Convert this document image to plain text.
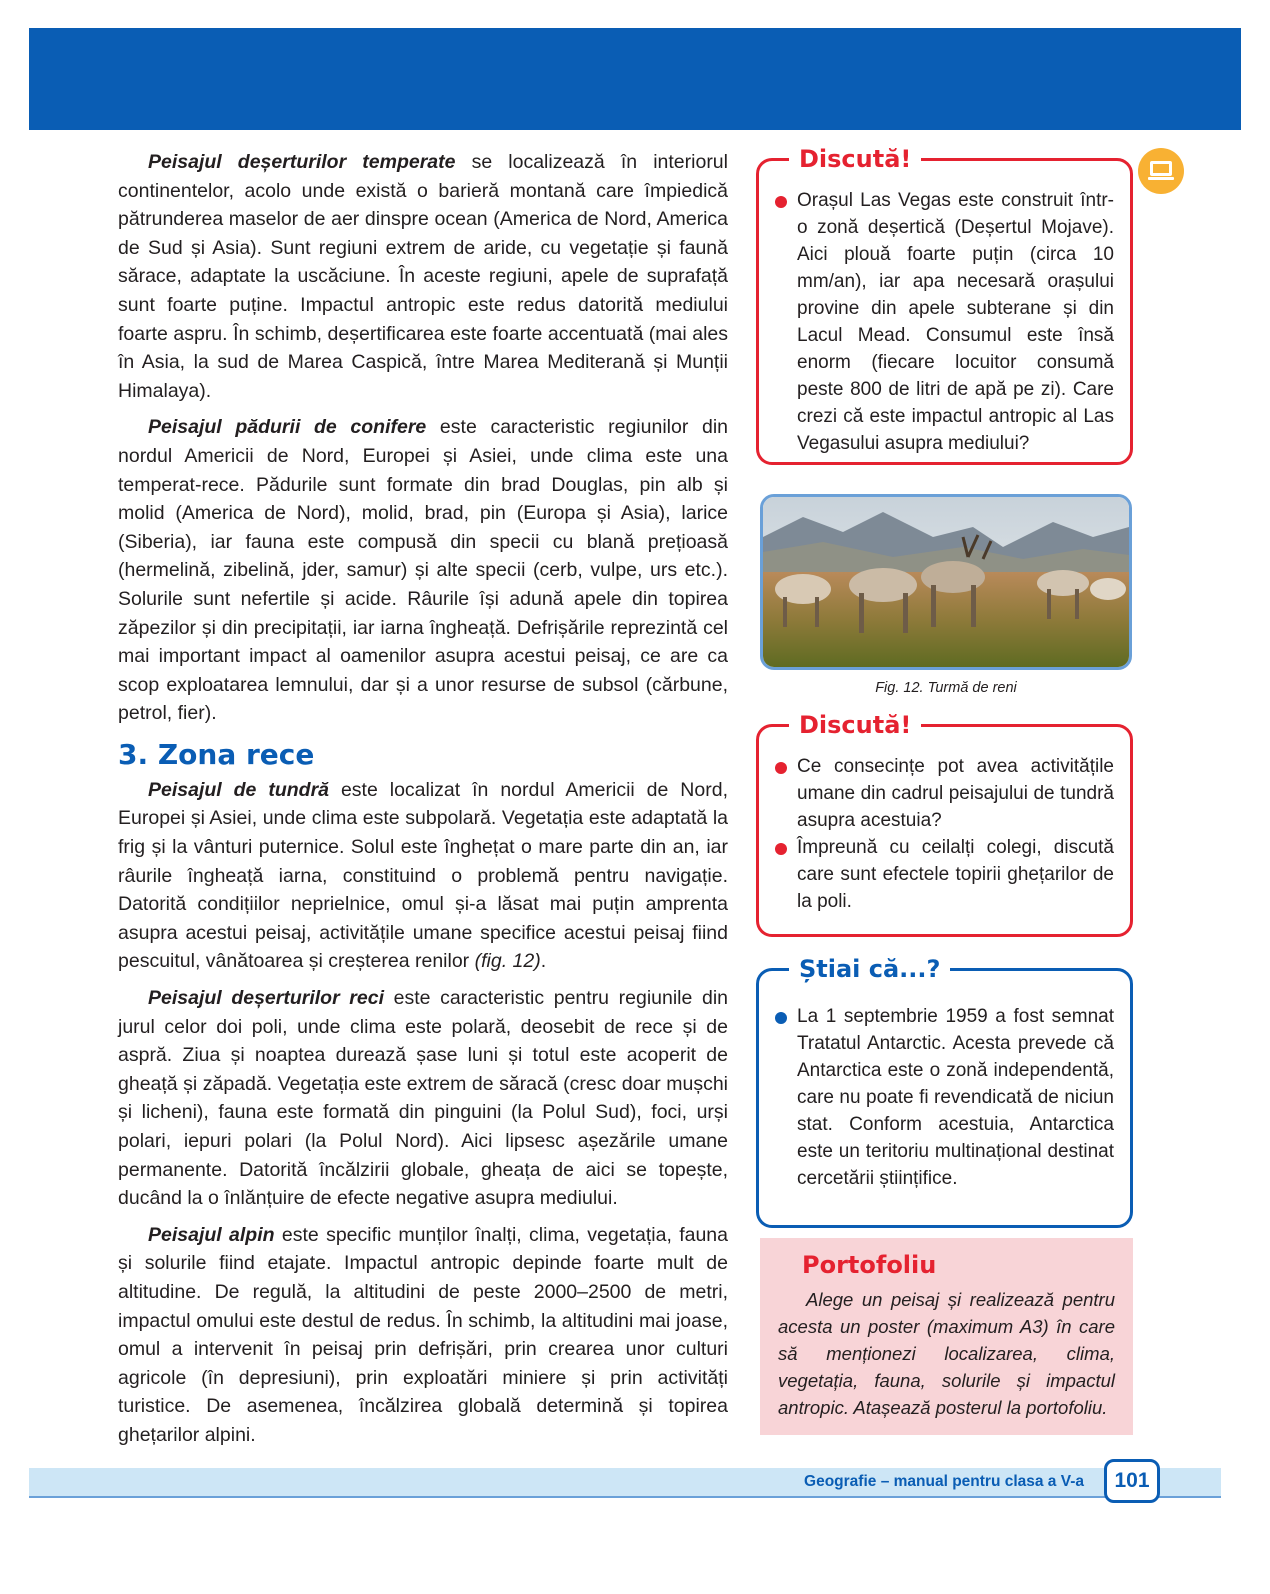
Peisajul deșerturilor temperate se localizează în interiorul continentelor, acolo unde există o barieră montană care împiedică pătrunderea maselor de aer dinspre ocean (America de Nord, America de Sud și Asia). Sunt regiuni extrem de aride, cu vegetație și faună sărace, adaptate la uscăciune. În aceste regiuni, apele de suprafață sunt foarte puține. Impactul antropic este redus datorită mediului foarte aspru. În schimb, deșertificarea este foarte accentuată (mai ales în Asia, la sud de Marea Caspică, între Marea Mediterană și Munții Himalaya).

Peisajul pădurii de conifere este caracteristic regiunilor din nordul Americii de Nord, Europei și Asiei, unde clima este una temperat-rece. Pădurile sunt formate din brad Douglas, pin alb și molid (America de Nord), molid, brad, pin (Europa și Asia), larice (Siberia), iar fauna este compusă din specii cu blană prețioasă (hermelină, zibelină, jder, samur) și alte specii (cerb, vulpe, urs etc.). Solurile sunt nefertile și acide. Râurile își adună apele din topirea zăpezilor și din precipitații, iar iarna îngheață. Defrișările reprezintă cel mai important impact al oamenilor asupra acestui peisaj, ce are ca scop exploatarea lemnului, dar și a unor resurse de subsol (cărbune, petrol, fier).

3. Zona rece

Peisajul de tundră este localizat în nordul Americii de Nord, Europei și Asiei, unde clima este subpolară. Vegetația este adaptată la frig și la vânturi puternice. Solul este înghețat o mare parte din an, iar râurile îngheață iarna, constituind o problemă pentru navigație. Datorită condițiilor neprielnice, omul și-a lăsat mai puțin amprenta asupra acestui peisaj, activitățile umane specifice acestui peisaj fiind pescuitul, vânătoarea și creșterea renilor (fig. 12).

Peisajul deșerturilor reci este caracteristic pentru regiunile din jurul celor doi poli, unde clima este polară, deosebit de rece și de aspră. Ziua și noaptea durează șase luni și totul este acoperit de gheață și zăpadă. Vegetația este extrem de săracă (cresc doar mușchi și licheni), fauna este formată din pinguini (la Polul Sud), foci, urși polari, iepuri polari (la Polul Nord). Aici lipsesc așezările umane permanente. Datorită încălzirii globale, gheața de aici se topește, ducând la o înlănțuire de efecte negative asupra mediului.

Peisajul alpin este specific munților înalți, clima, vegetația, fauna și solurile fiind etajate. Impactul antropic depinde foarte mult de altitudine. De regulă, la altitudini de peste 2000–2500 de metri, impactul omului este destul de redus. În schimb, la altitudini mai joase, omul a intervenit în peisaj prin defrișări, prin crearea unor culturi agricole (în depresiuni), prin exploatări miniere și prin activități turistice. De asemenea, încălzirea globală determină și topirea ghețarilor alpini.

Discută!
Orașul Las Vegas este construit într-o zonă deșertică (Deșertul Mojave). Aici plouă foarte puțin (circa 10 mm/an), iar apa necesară orașului provine din apele subterane și din Lacul Mead. Consumul este însă enorm (fiecare locuitor consumă peste 800 de litri de apă pe zi). Care crezi că este impactul antropic al Las Vegasului asupra mediului?
Fig. 12. Turmă de reni
Discută!
Ce consecințe pot avea activitățile umane din cadrul peisajului de tundră asupra acestuia?
Împreună cu ceilalți colegi, discută care sunt efectele topirii ghețarilor de la poli.
Știai că...?
La 1 septembrie 1959 a fost semnat Tratatul Antarctic. Acesta prevede că Antarctica este o zonă independentă, care nu poate fi revendicată de niciun stat. Conform acestuia, Antarctica este un teritoriu multinațional destinat cercetării științifice.
Portofoliu

Alege un peisaj și realizează pentru acesta un poster (maximum A3) în care să menționezi localizarea, clima, vegetația, fauna, solurile și impactul antropic. Atașează posterul la portofoliu.

Geografie – manual pentru clasa a V-a	101
